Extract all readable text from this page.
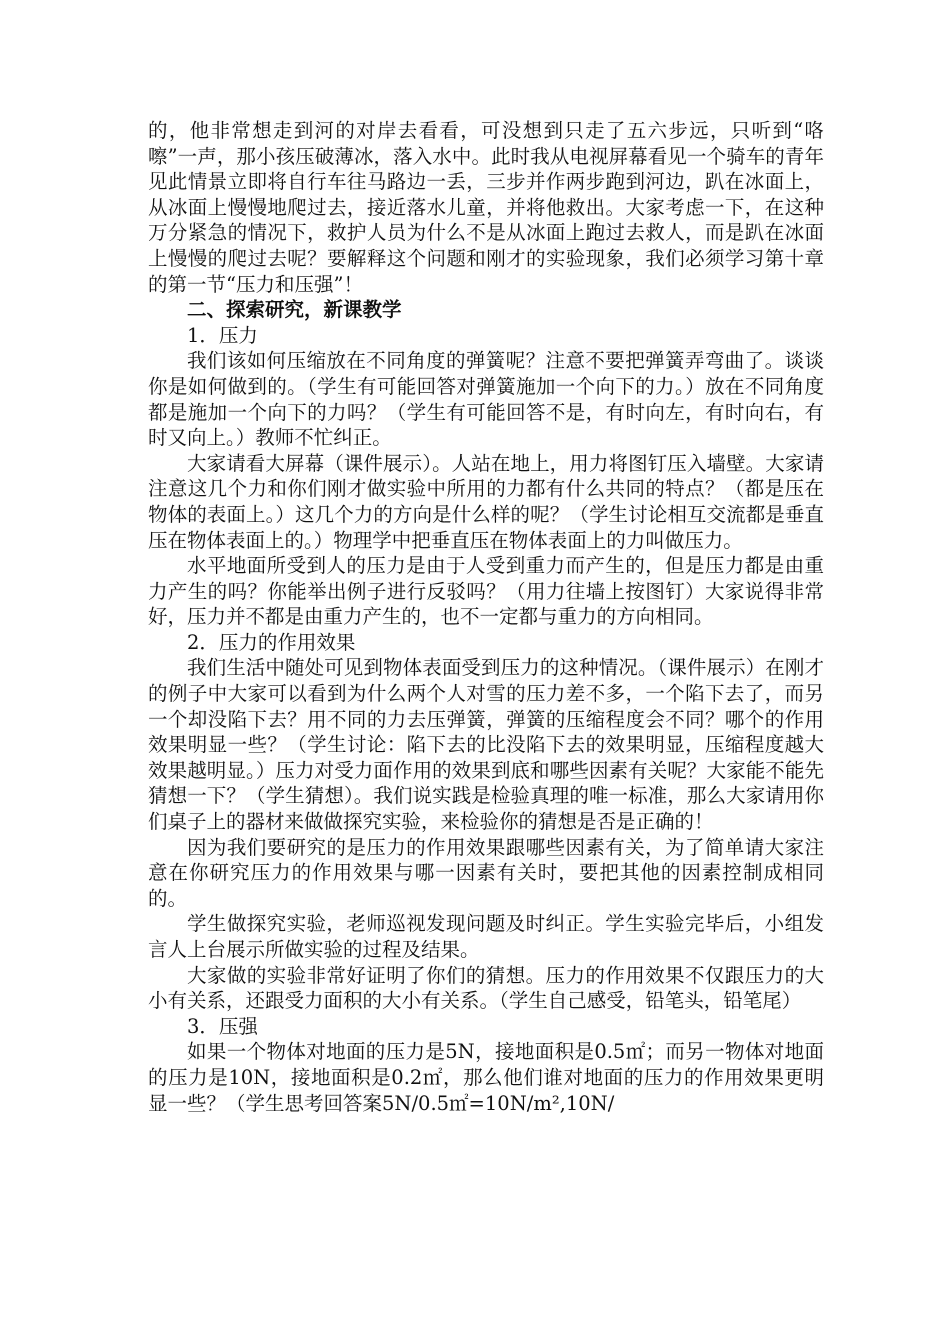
的，他非常想走到河的对岸去看看，可没想到只走了五六步远，只听到“咯嚓”一声，那小孩压破薄冰，落入水中。此时我从电视屏幕看见一个骑车的青年见此情景立即将自行车往马路边一丢，三步并作两步跑到河边，趴在冰面上，从冰面上慢慢地爬过去，接近落水儿童，并将他救出。大家考虑一下，在这种万分紧急的情况下，救护人员为什么不是从冰面上跑过去救人，而是趴在冰面上慢慢的爬过去呢？要解释这个问题和刚才的实验现象，我们必须学习第十章的第一节“压力和压强”！

二、探索研究，新课教学

1．压力

我们该如何压缩放在不同角度的弹簧呢？注意不要把弹簧弄弯曲了。谈谈你是如何做到的。（学生有可能回答对弹簧施加一个向下的力。）放在不同角度都是施加一个向下的力吗？（学生有可能回答不是，有时向左，有时向右，有时又向上。）教师不忙纠正。

大家请看大屏幕（课件展示）。人站在地上，用力将图钉压入墙壁。大家请注意这几个力和你们刚才做实验中所用的力都有什么共同的特点？（都是压在物体的表面上。）这几个力的方向是什么样的呢？（学生讨论相互交流都是垂直压在物体表面上的。）物理学中把垂直压在物体表面上的力叫做压力。

水平地面所受到人的压力是由于人受到重力而产生的，但是压力都是由重力产生的吗？你能举出例子进行反驳吗？（用力往墙上按图钉）大家说得非常好，压力并不都是由重力产生的，也不一定都与重力的方向相同。

2．压力的作用效果

我们生活中随处可见到物体表面受到压力的这种情况。（课件展示）在刚才的例子中大家可以看到为什么两个人对雪的压力差不多，一个陷下去了，而另一个却没陷下去？用不同的力去压弹簧，弹簧的压缩程度会不同？哪个的作用效果明显一些？（学生讨论：陷下去的比没陷下去的效果明显，压缩程度越大效果越明显。）压力对受力面作用的效果到底和哪些因素有关呢？大家能不能先猜想一下？（学生猜想）。我们说实践是检验真理的唯一标准，那么大家请用你们桌子上的器材来做做探究实验，来检验你的猜想是否是正确的！

因为我们要研究的是压力的作用效果跟哪些因素有关，为了简单请大家注意在你研究压力的作用效果与哪一因素有关时，要把其他的因素控制成相同的。

学生做探究实验，老师巡视发现问题及时纠正。学生实验完毕后，小组发言人上台展示所做实验的过程及结果。

大家做的实验非常好证明了你们的猜想。压力的作用效果不仅跟压力的大小有关系，还跟受力面积的大小有关系。（学生自己感受，铅笔头，铅笔尾）

3．压强

如果一个物体对地面的压力是5N，接地面积是0.5㎡；而另一物体对地面的压力是10N，接地面积是0.2㎡，那么他们谁对地面的压力的作用效果更明显一些？（学生思考回答案5N/0.5㎡=10N/m²,10N/
